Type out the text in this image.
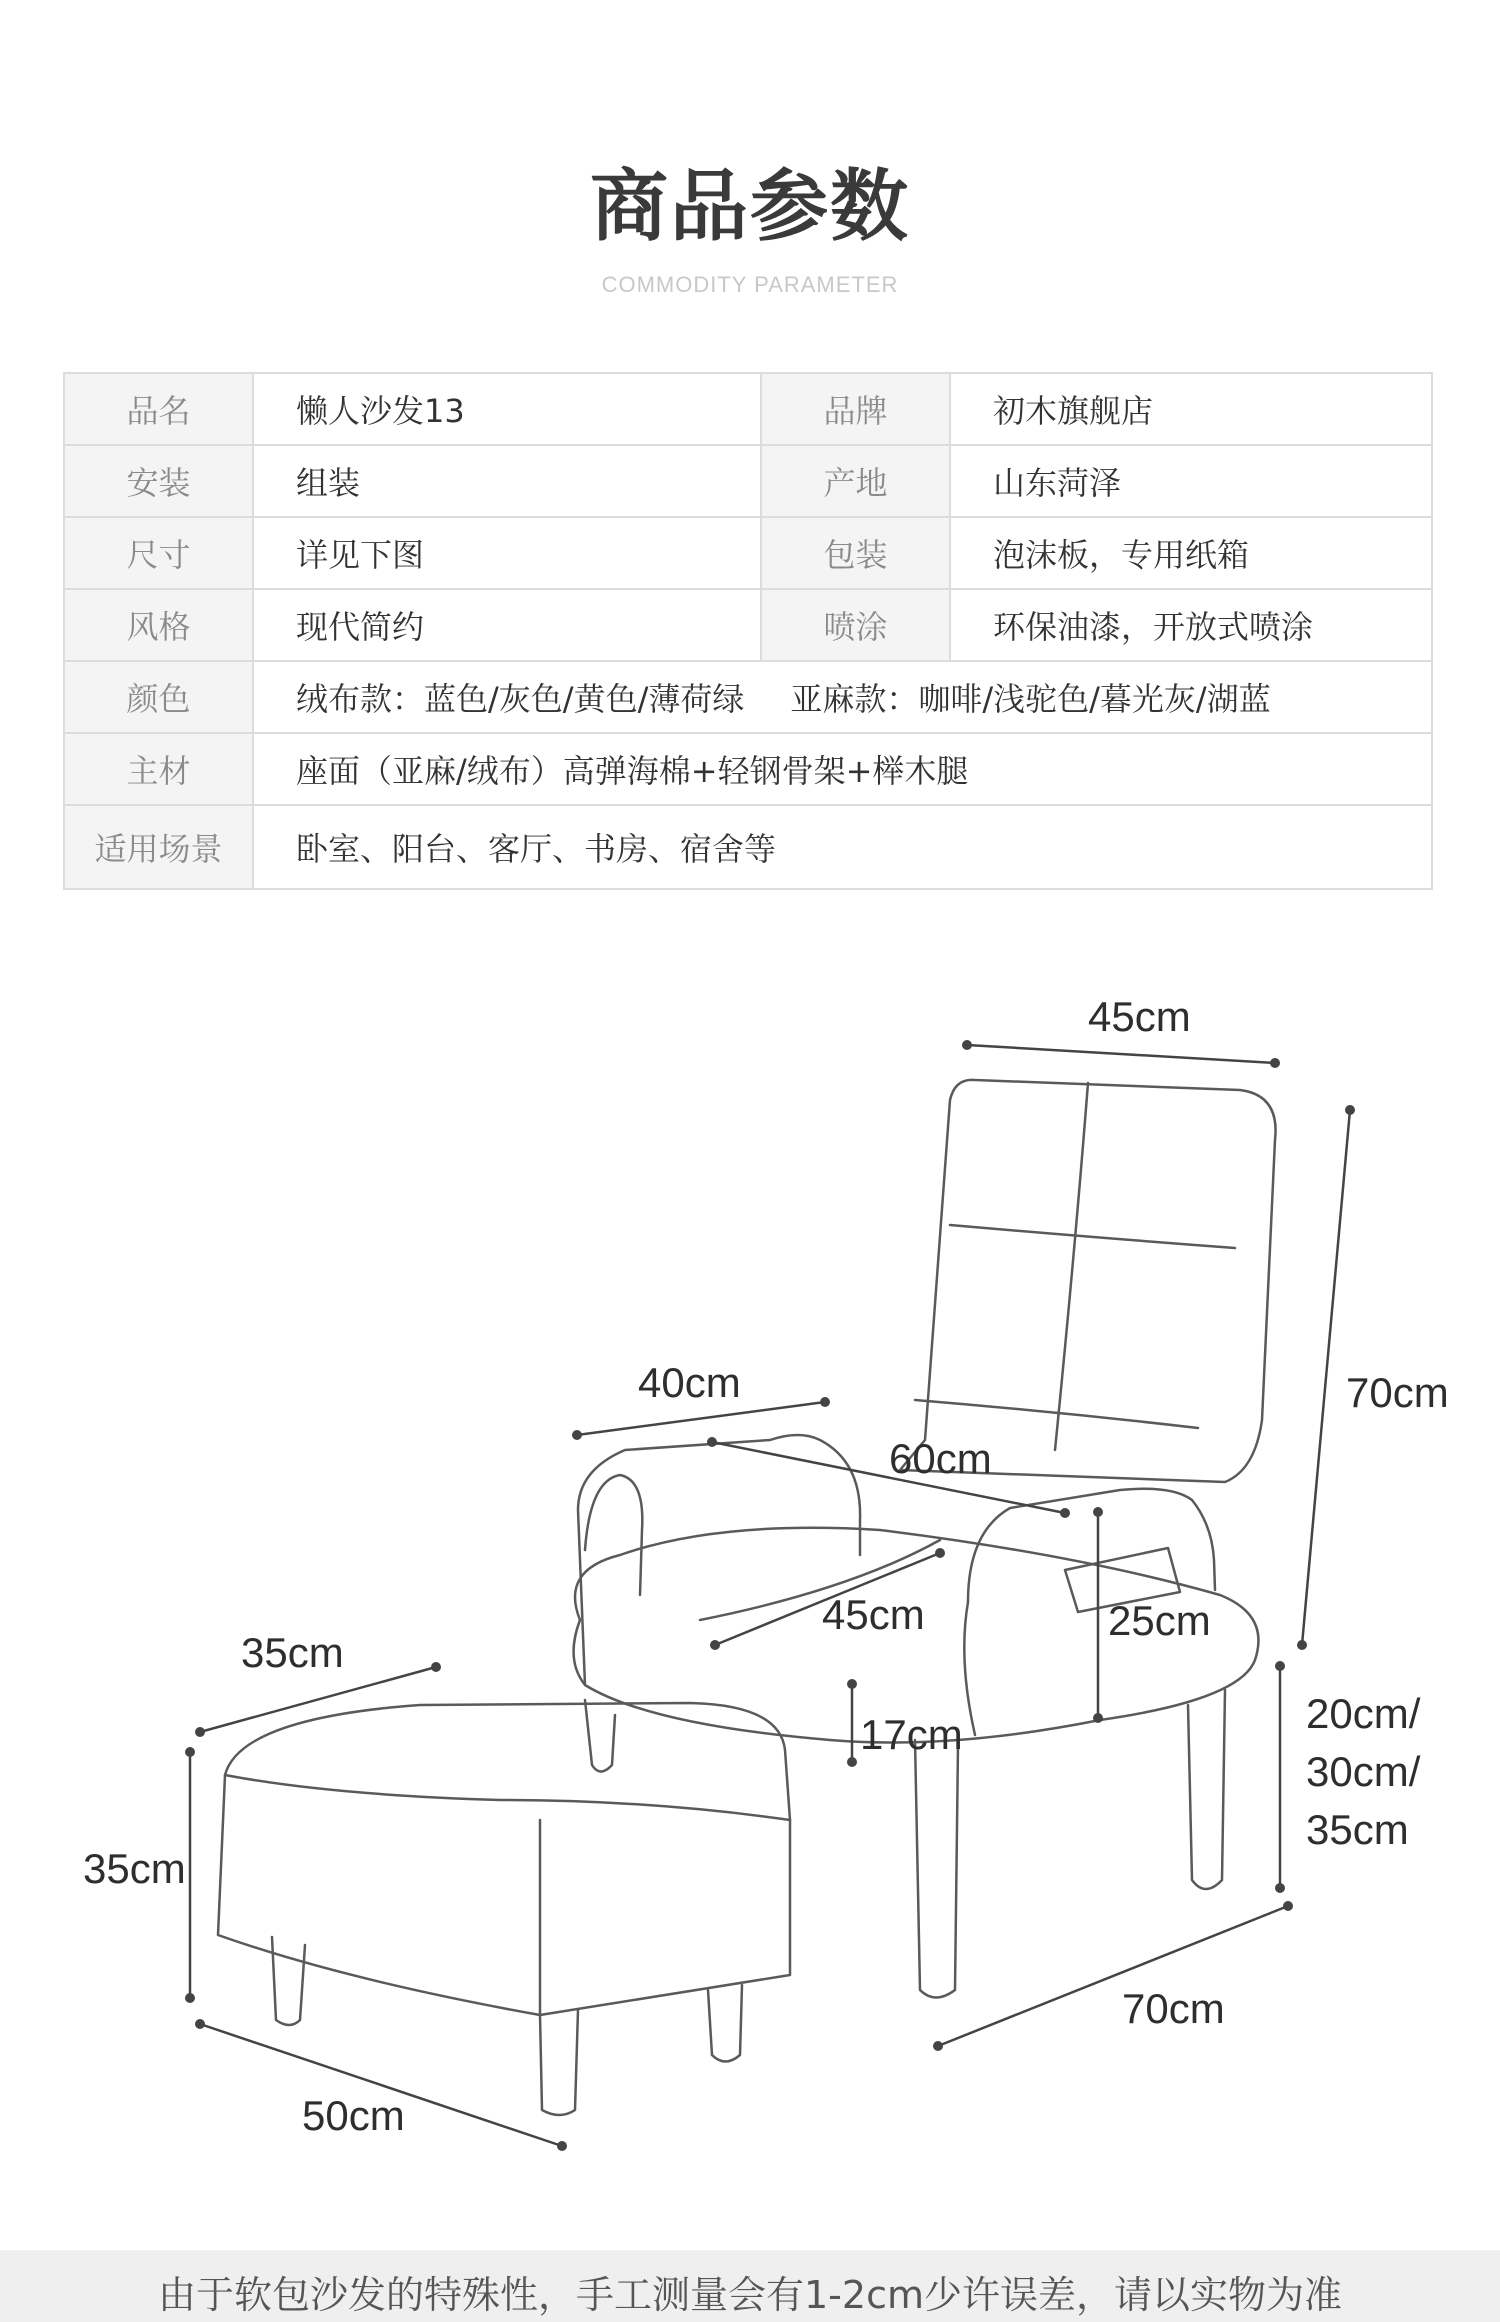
商品参数
COMMODITY PARAMETER
品名	懒人沙发13	品牌	初木旗舰店
安装	组装	产地	山东菏泽
尺寸	详见下图	包装	泡沫板，专用纸箱
风格	现代简约	喷涂	环保油漆，开放式喷涂
颜色	绒布款：蓝色/灰色/黄色/薄荷绿 亚麻款：咖啡/浅驼色/暮光灰/湖蓝		
主材	座面（亚麻/绒布）高弹海棉+轻钢骨架+榉木腿		
适用场景	卧室、阳台、客厅、书房、宿舍等		
45cm
70cm
40cm
60cm
45cm	25cm
17cm	20cm/
30cm/
35cm
70cm
35cm
35cm
50cm
由于软包沙发的特殊性，手工测量会有1-2cm少许误差，请以实物为准
